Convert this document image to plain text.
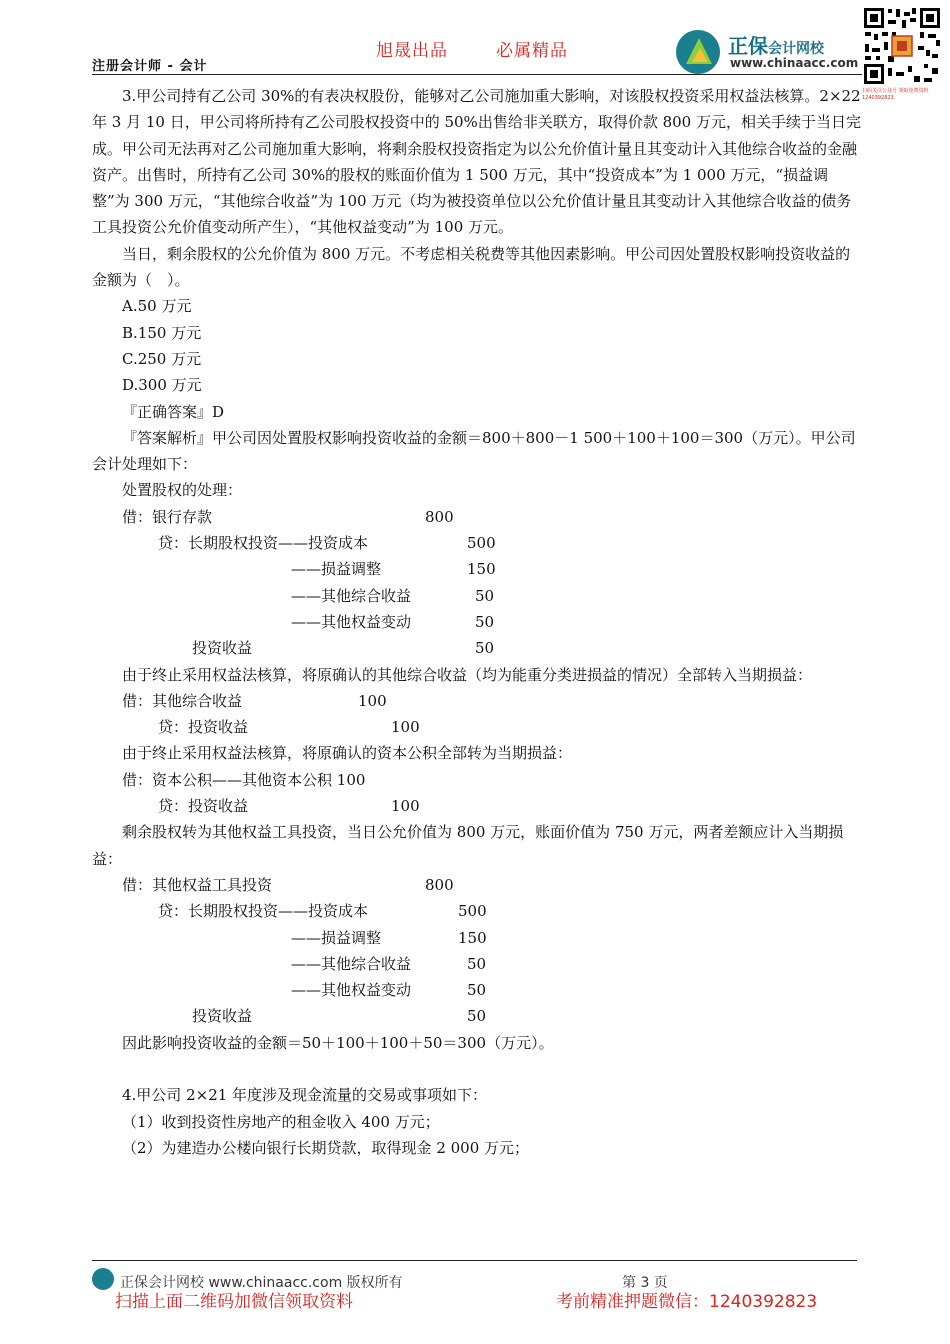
注册会计师 - 会计
旭晟出品	必属精品	正保会计网校
www.chinaacc.com
扫码关注公众号 领取免费资料 1240392823

3.甲公司持有乙公司 30%的有表决权股份，能够对乙公司施加重大影响，对该股权投资采用权益法核算。2×22 年 3 月 10 日，甲公司将所持有乙公司股权投资中的 50%出售给非关联方，取得价款 800 万元，相关手续于当日完成。甲公司无法再对乙公司施加重大影响，将剩余股权投资指定为以公允价值计量且其变动计入其他综合收益的金融资产。出售时，所持有乙公司 30%的股权的账面价值为 1 500 万元，其中“投资成本”为 1 000 万元，“损益调整”为 300 万元，“其他综合收益”为 100 万元（均为被投资单位以公允价值计量且其变动计入其他综合收益的债务工具投资公允价值变动所产生），“其他权益变动”为 100 万元。

当日，剩余股权的公允价值为 800 万元。不考虑相关税费等其他因素影响。甲公司因处置股权影响投资收益的金额为（　）。

A.50 万元

B.150 万元

C.250 万元

D.300 万元

『正确答案』D

『答案解析』甲公司因处置股权影响投资收益的金额＝800＋800－1 500＋100＋100＝300（万元）。甲公司会计处理如下：

处置股权的处理：

借：银行存款	800
贷：长期股权投资——投资成本	500
——损益调整	150
——其他综合收益	50
——其他权益变动	50
投资收益	50

由于终止采用权益法核算，将原确认的其他综合收益（均为能重分类进损益的情况）全部转入当期损益：

借：其他综合收益	100
贷：投资收益	100

由于终止采用权益法核算，将原确认的资本公积全部转为当期损益：

借：资本公积——其他资本公积 100
贷：投资收益	100

剩余股权转为其他权益工具投资，当日公允价值为 800 万元，账面价值为 750 万元，两者差额应计入当期损益：

借：其他权益工具投资	800
贷：长期股权投资——投资成本	500
——损益调整	150
——其他综合收益	50
——其他权益变动	50
投资收益	50

因此影响投资收益的金额＝50＋100＋100＋50＝300（万元）。

4.甲公司 2×21 年度涉及现金流量的交易或事项如下：

（1）收到投资性房地产的租金收入 400 万元；

（2）为建造办公楼向银行长期贷款，取得现金 2 000 万元；

正保会计网校 www.chinaacc.com 版权所有	第 3 页
扫描上面二维码加微信领取资料	考前精准押题微信：1240392823
